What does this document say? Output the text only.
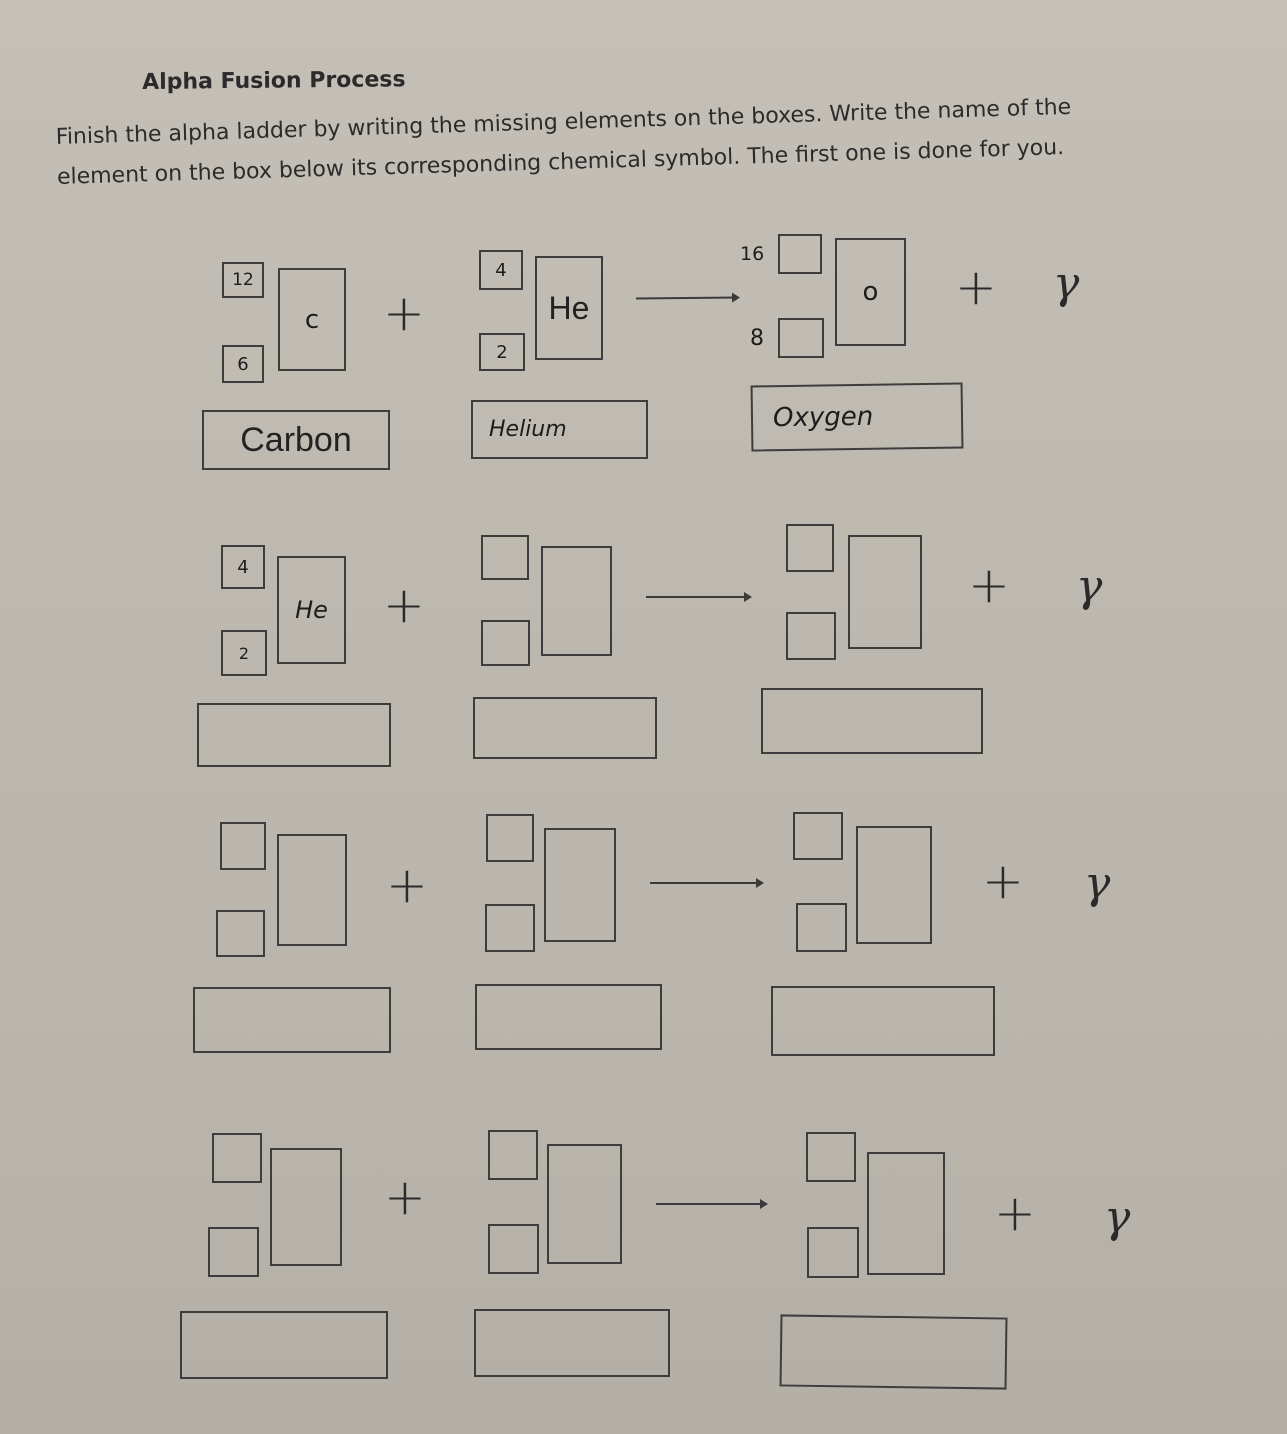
Alpha Fusion Process
Finish the alpha ladder by writing the missing elements on the boxes. Write the name of the
element on the box below its corresponding chemical symbol. The first one is done for you.
12
6
c	+
4
2
He
16
8
o	+ γ
Carbon	Helium	Oxygen
4
2
He	+	+ γ
+	+ γ
+	+ γ
